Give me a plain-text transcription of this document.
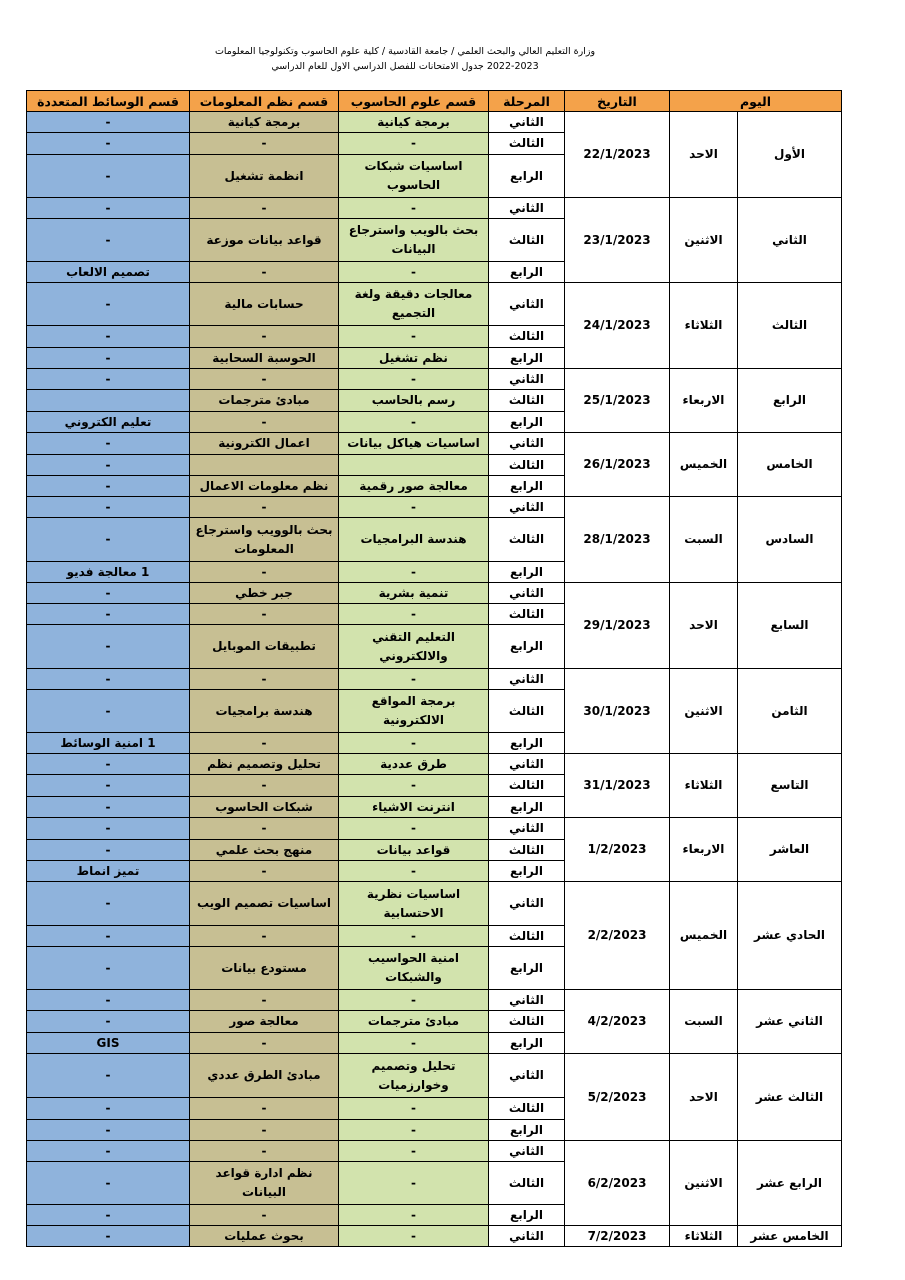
وزارة التعليم العالي والبحث العلمي / جامعة القادسية / كلية علوم الحاسوب وتكنولوجيا المعلومات
2022-2023 جدول الامتحانات للفصل الدراسي الاول للعام الدراسي
اليوم		التاريخ	المرحلة	قسم علوم الحاسوب	قسم نظم المعلومات	قسم الوسائط المتعددة
الأول	الاحد	22/1/2023	الثاني	برمجة كيانية	برمجة كيانية	-
			الثالث	-	-	-
			الرابع	اساسيات شبكات الحاسوب	انظمة تشغيل	-
الثاني	الاثنين	23/1/2023	الثاني	-	-	-
			الثالث	بحث بالويب واسترجاع البيانات	قواعد بيانات موزعة	-
			الرابع	-	-	تصميم الالعاب
الثالث	الثلاثاء	24/1/2023	الثاني	معالجات دقيقة ولغة التجميع	حسابات مالية	-
			الثالث	-	-	-
			الرابع	نظم تشغيل	الحوسبة السحابية	-
الرابع	الاربعاء	25/1/2023	الثاني	-	-	-
			الثالث	رسم بالحاسب	مبادئ مترجمات	
			الرابع	-	-	تعليم الكتروني
الخامس	الخميس	26/1/2023	الثاني	اساسيات هياكل بيانات	اعمال الكترونية	-
			الثالث			-
			الرابع	معالجة صور رقمية	نظم معلومات الاعمال	-
السادس	السبت	28/1/2023	الثاني	-	-	-
			الثالث	هندسة البرامجيات	بحث بالوويب واسترجاع المعلومات	-
			الرابع	-	-	1 معالجة فديو
السابع	الاحد	29/1/2023	الثاني	تنمية بشرية	جبر خطي	-
			الثالث	-	-	-
			الرابع	التعليم التقني والالكتروني	تطبيقات الموبايل	-
الثامن	الاثنين	30/1/2023	الثاني	-	-	-
			الثالث	برمجة المواقع الالكترونية	هندسة برامجيات	-
			الرابع	-	-	1 امنية الوسائط
التاسع	الثلاثاء	31/1/2023	الثاني	طرق عددية	تحليل وتصميم نظم	-
			الثالث	-	-	-
			الرابع	انترنت الاشياء	شبكات الحاسوب	-
العاشر	الاربعاء	1/2/2023	الثاني	-	-	-
			الثالث	قواعد بيانات	منهج بحث علمي	-
			الرابع	-	-	تميز انماط
الحادي عشر	الخميس	2/2/2023	الثاني	اساسيات نظرية الاحتسابية	اساسيات تصميم الويب	-
			الثالث	-	-	-
			الرابع	امنية الحواسيب والشبكات	مستودع بيانات	-
الثاني عشر	السبت	4/2/2023	الثاني	-	-	-
			الثالث	مبادئ مترجمات	معالجة صور	-
			الرابع	-	-	GIS
الثالث عشر	الاحد	5/2/2023	الثاني	تحليل وتصميم وخوارزميات	مبادئ الطرق عددي	-
			الثالث	-	-	-
			الرابع	-	-	-
الرابع عشر	الاثنين	6/2/2023	الثاني	-	-	-
			الثالث	-	نظم ادارة قواعد البيانات	-
			الرابع	-	-	-
الخامس عشر	الثلاثاء	7/2/2023	الثاني	-	بحوث عمليات	-
